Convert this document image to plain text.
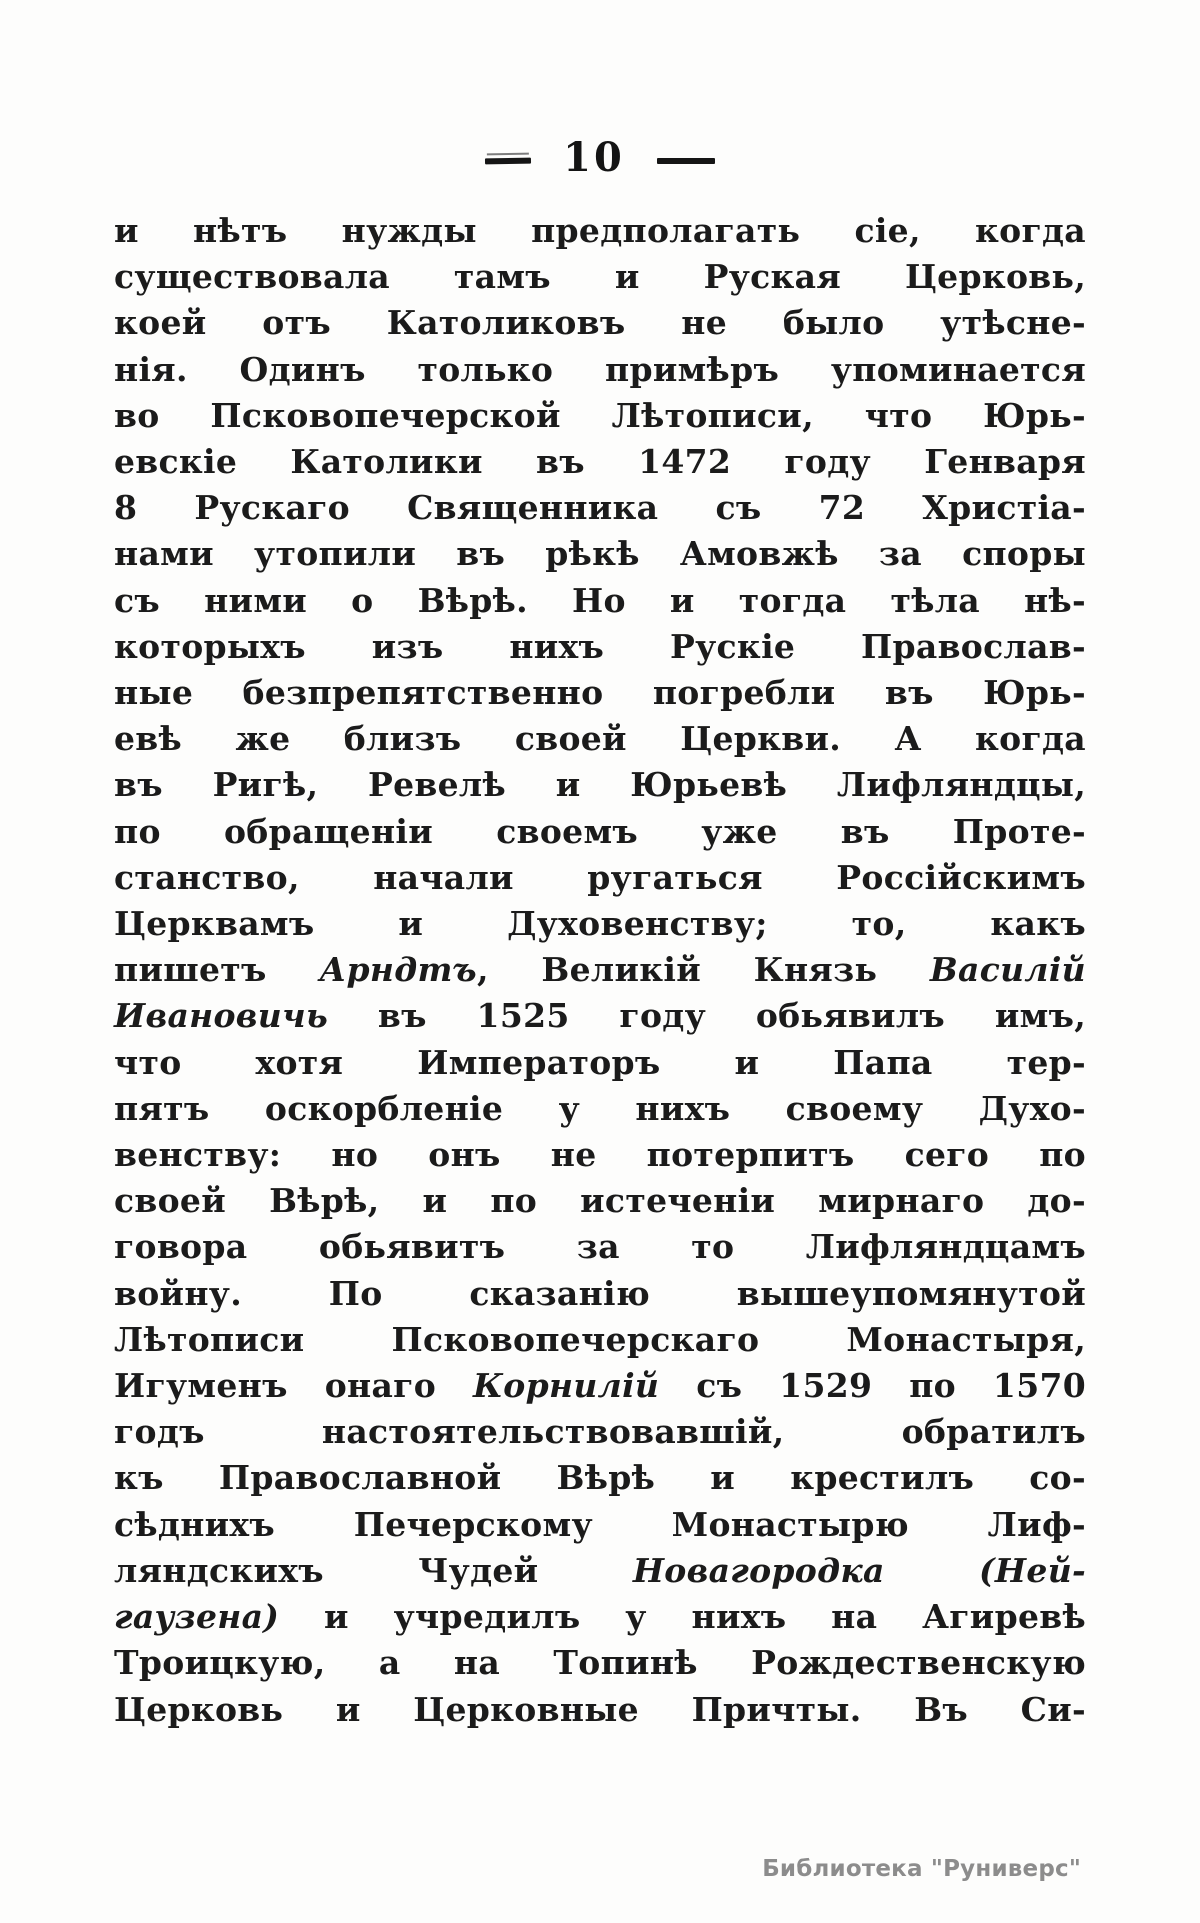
10
и нѣтъ нужды предполагать сіе, когда
существовала тамъ и Руская Церковь,
коей отъ Католиковъ не было утѣсне-
нія. Одинъ только примѣръ упоминается
во Псковопечерской Лѣтописи, что Юрь-
евскіе Католики въ 1472 году Генваря
8 Рускаго Священника съ 72 Христіа-
нами утопили въ рѣкѣ Амовжѣ за споры
съ ними о Вѣрѣ. Но и тогда тѣла нѣ-
которыхъ изъ нихъ Рускіе Православ-
ные безпрепятственно погребли въ Юрь-
евѣ же близъ своей Церкви. А когда
въ Ригѣ, Ревелѣ и Юрьевѣ Лифляндцы,
по обращеніи своемъ уже въ Проте-
станство, начали ругаться Россійскимъ
Церквамъ и Духовенству; то, какъ
пишетъ Арндтъ, Великій Князь Василій
Ивановичь въ 1525 году обьявилъ имъ,
что хотя Императоръ и Папа тер-
пятъ оскорбленіе у нихъ своему Духо-
венству: но онъ не потерпитъ сего по
своей Вѣрѣ, и по истеченіи мирнаго до-
говора обьявитъ за то Лифляндцамъ
войну. По сказанію вышеупомянутой
Лѣтописи Псковопечерскаго Монастыря,
Игуменъ онаго Корнилій съ 1529 по 1570
годъ настоятельствовавшій, обратилъ
къ Православной Вѣрѣ и крестилъ со-
сѣднихъ Печерскому Монастырю Лиф-
ляндскихъ Чудей Новагородка (Ней-
гаузена) и учредилъ у нихъ на Агиревѣ
Троицкую, а на Топинѣ Рождественскую
Церковь и Церковные Причты. Въ Си-
Библиотека "Руниверс"
